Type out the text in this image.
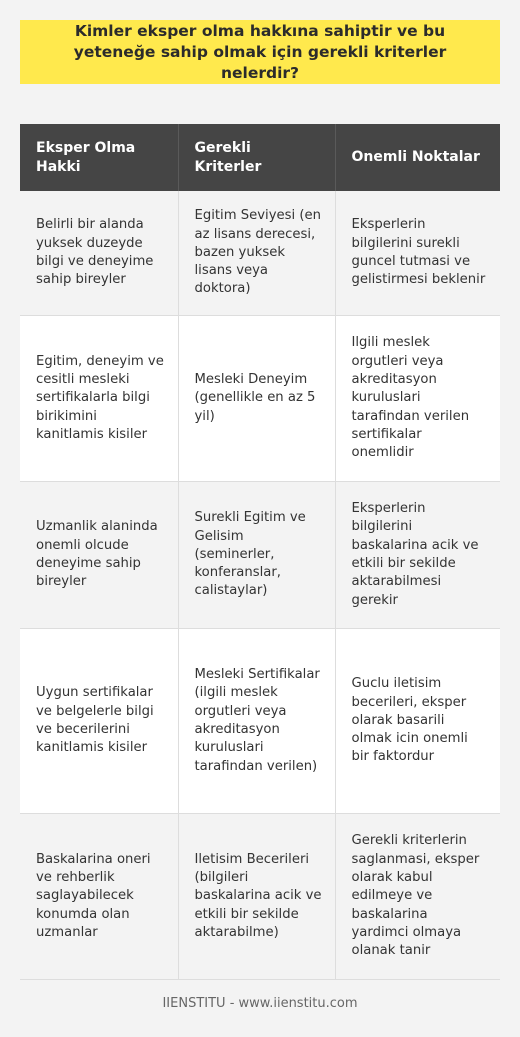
Kimler eksper olma hakkına sahiptir ve bu yeteneğe sahip olmak için gerekli kriterler nelerdir?
Eksper Olma Hakki	Gerekli Kriterler	Onemli Noktalar
Belirli bir alanda yuksek duzeyde bilgi ve deneyime sahip bireyler	Egitim Seviyesi (en az lisans derecesi, bazen yuksek lisans veya doktora)	Eksperlerin bilgilerini surekli guncel tutmasi ve gelistirmesi beklenir
Egitim, deneyim ve cesitli mesleki sertifikalarla bilgi birikimini kanitlamis kisiler	Mesleki Deneyim (genellikle en az 5 yil)	Ilgili meslek orgutleri veya akreditasyon kuruluslari tarafindan verilen sertifikalar onemlidir
Uzmanlik alaninda onemli olcude deneyime sahip bireyler	Surekli Egitim ve Gelisim (seminerler, konferanslar, calistaylar)	Eksperlerin bilgilerini baskalarina acik ve etkili bir sekilde aktarabilmesi gerekir
Uygun sertifikalar ve belgelerle bilgi ve becerilerini kanitlamis kisiler	Mesleki Sertifikalar (ilgili meslek orgutleri veya akreditasyon kuruluslari tarafindan verilen)	Guclu iletisim becerileri, eksper olarak basarili olmak icin onemli bir faktordur
Baskalarina oneri ve rehberlik saglayabilecek konumda olan uzmanlar	Iletisim Becerileri (bilgileri baskalarina acik ve etkili bir sekilde aktarabilme)	Gerekli kriterlerin saglanmasi, eksper olarak kabul edilmeye ve baskalarina yardimci olmaya olanak tanir
IIENSTITU - www.iienstitu.com
